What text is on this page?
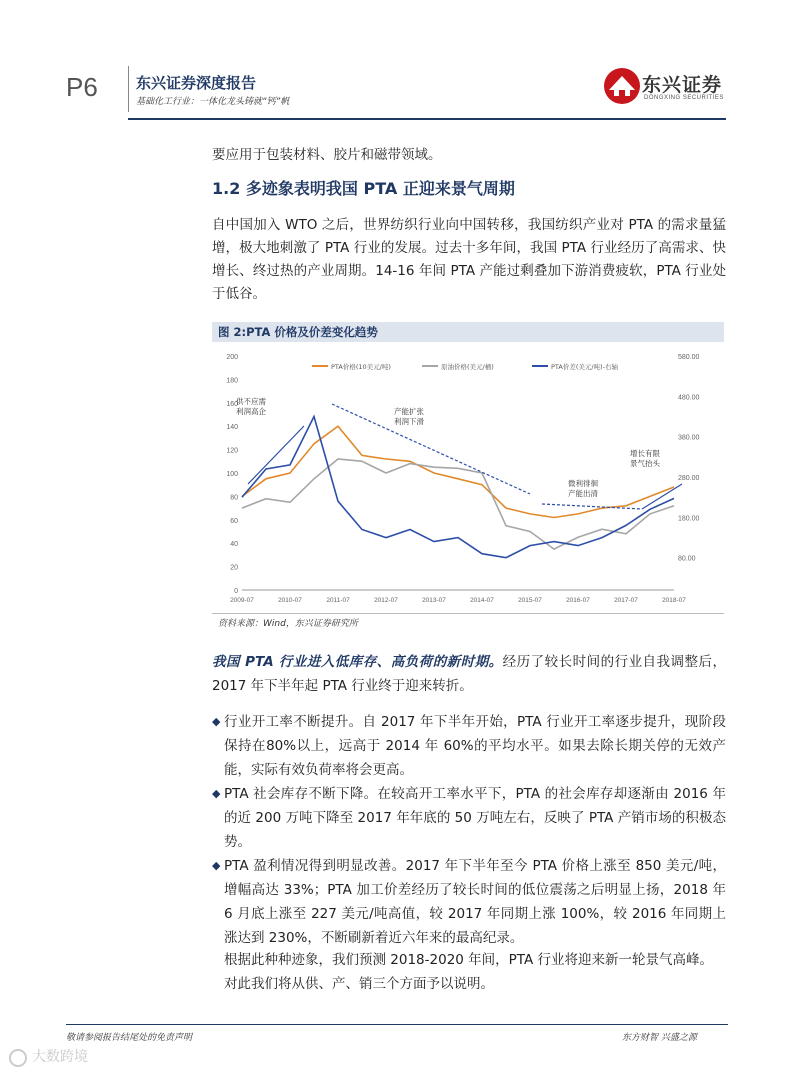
P6	东兴证券深度报告
基础化工行业：一体化龙头铸就“钙”帆
东兴证券
DONGXING SECURITIES
要应用于包装材料、胶片和磁带领域。
1.2 多迹象表明我国 PTA 正迎来景气周期
自中国加入 WTO 之后，世界纺织行业向中国转移，我国纺织产业对 PTA 的需求量猛增，极大地刺激了 PTA 行业的发展。过去十多年间，我国 PTA 行业经历了高需求、快增长、终过热的产业周期。14-16 年间 PTA 产能过剩叠加下游消费疲软，PTA 行业处于低谷。
图 2:PTA 价格及价差变化趋势
0
20
40
60
80
100
120
140
160
180
200
80.00
180.00
280.00
380.00
480.00
580.00
2009-07	2010-07	2011-07	2012-07	2013-07	2014-07	2015-07	2016-07	2017-07	2018-07
PTA价格(10美元/吨)	原油价格(美元/桶)	PTA价差(美元/吨)-右轴
供不应需
利润高企	产能扩张
利润下滑
微利徘徊
产能出清
增长有限
景气抬头
资料来源：Wind，东兴证券研究所
我国 PTA 行业进入低库存、高负荷的新时期。经历了较长时间的行业自我调整后，2017 年下半年起 PTA 行业终于迎来转折。
◆ 行业开工率不断提升。自 2017 年下半年开始，PTA 行业开工率逐步提升，现阶段保持在80%以上，远高于 2014 年 60%的平均水平。如果去除长期关停的无效产能，实际有效负荷率将会更高。
◆ PTA 社会库存不断下降。在较高开工率水平下，PTA 的社会库存却逐渐由 2016 年的近 200 万吨下降至 2017 年年底的 50 万吨左右，反映了 PTA 产销市场的积极态势。
◆ PTA 盈利情况得到明显改善。2017 年下半年至今 PTA 价格上涨至 850 美元/吨，增幅高达 33%；PTA 加工价差经历了较长时间的低位震荡之后明显上扬，2018 年 6 月底上涨至 227 美元/吨高值，较 2017 年同期上涨 100%，较 2016 年同期上涨达到 230%，不断刷新着近六年来的最高纪录。
根据此种种迹象，我们预测 2018-2020 年间，PTA 行业将迎来新一轮景气高峰。对此我们将从供、产、销三个方面予以说明。
敬请参阅报告结尾处的免责声明	东方财智 兴盛之源
大数跨境
